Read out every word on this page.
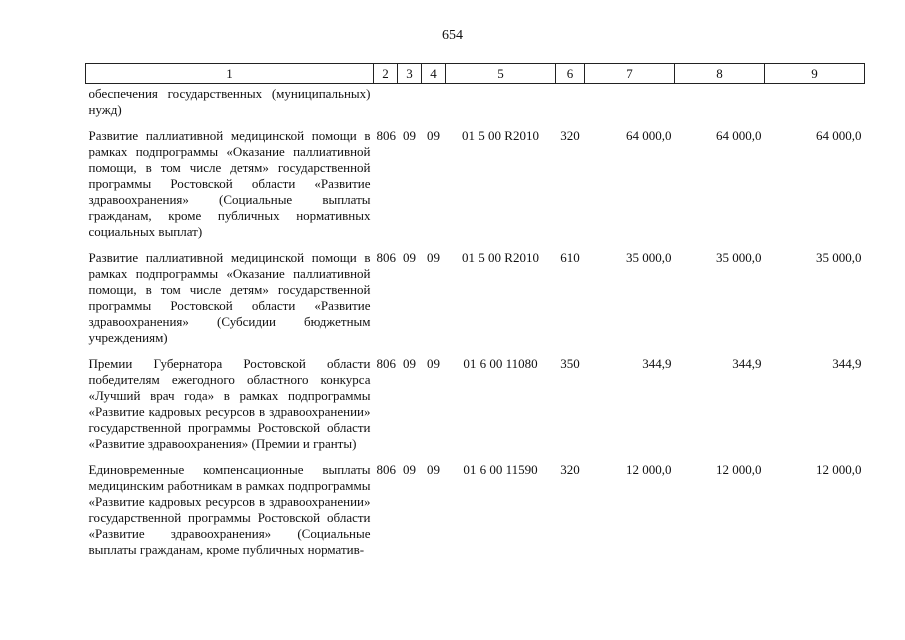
654
1	2	3	4	5	6	7	8	9
обеспечения государственных (муниципальных) нужд)								
Развитие паллиативной медицинской помощи в рамках подпрограммы «Оказание паллиативной помощи, в том числе детям» государственной программы Ростовской области «Развитие здравоохранения» (Социальные выплаты гражданам, кроме публичных нормативных социальных выплат)	806	09	09	01 5 00 R2010	320	64 000,0	64 000,0	64 000,0
Развитие паллиативной медицинской помощи в рамках подпрограммы «Оказание паллиативной помощи, в том числе детям» государственной программы Ростовской области «Развитие здравоохранения» (Субсидии бюджетным учреждениям)	806	09	09	01 5 00 R2010	610	35 000,0	35 000,0	35 000,0
Премии Губернатора Ростовской области победителям ежегодного областного конкурса «Лучший врач года» в рамках подпрограммы «Развитие кадровых ресурсов в здравоохранении» государственной программы Ростовской области «Развитие здравоохранения» (Премии и гранты)	806	09	09	01 6 00 11080	350	344,9	344,9	344,9
Единовременные компенсационные выплаты медицинским работникам в рамках подпрограммы «Развитие кадровых ресурсов в здравоохранении» государственной программы Ростовской области «Развитие здравоохранения» (Социальные выплаты гражданам, кроме публичных норматив-	806	09	09	01 6 00 11590	320	12 000,0	12 000,0	12 000,0
